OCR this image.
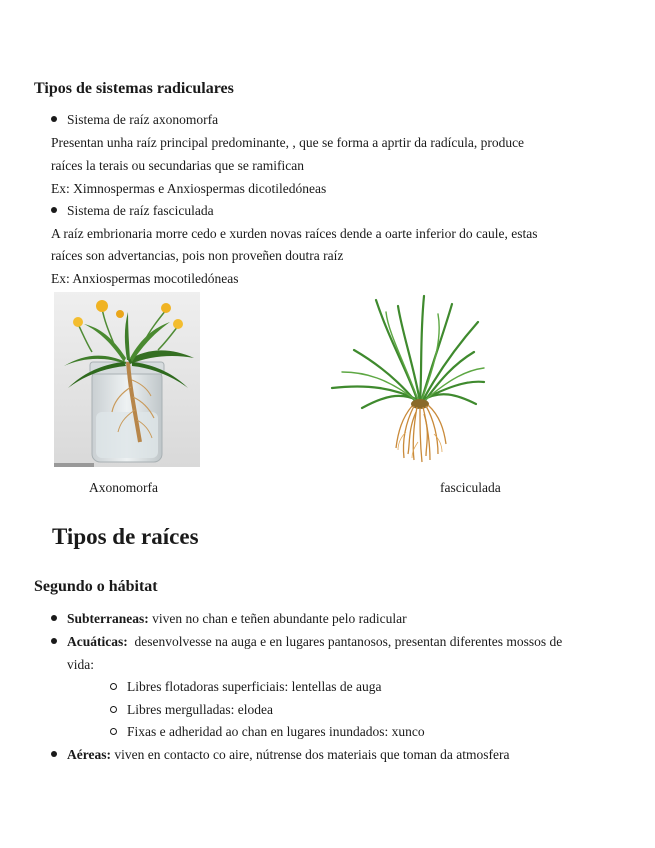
Tipos de sistemas radiculares
Sistema de raíz axonomorfa
Presentan unha raíz principal predominante, , que se forma a aprtir da radícula, produce
raíces la terais ou secundarias que se ramifican
Ex: Ximnospermas e Anxiospermas dicotiledóneas
Sistema de raíz fasciculada
A raíz embrionaria morre cedo e xurden novas raíces dende a oarte inferior do caule, estas
raíces son advertancias, pois non proveñen doutra raíz
Ex: Anxiospermas mocotiledóneas
Axonomorfa	fasciculada
Tipos de raíces
Segundo o hábitat
Subterraneas: viven no chan e teñen abundante pelo radicular
Acuáticas:  desenvolvesse na auga e en lugares pantanosos, presentan diferentes mossos de
vida:
Libres flotadoras superficiais: lentellas de auga
Libres mergulladas: elodea
Fixas e adheridad ao chan en lugares inundados: xunco
Aéreas: viven en contacto co aire, nútrense dos materiais que toman da atmosfera
